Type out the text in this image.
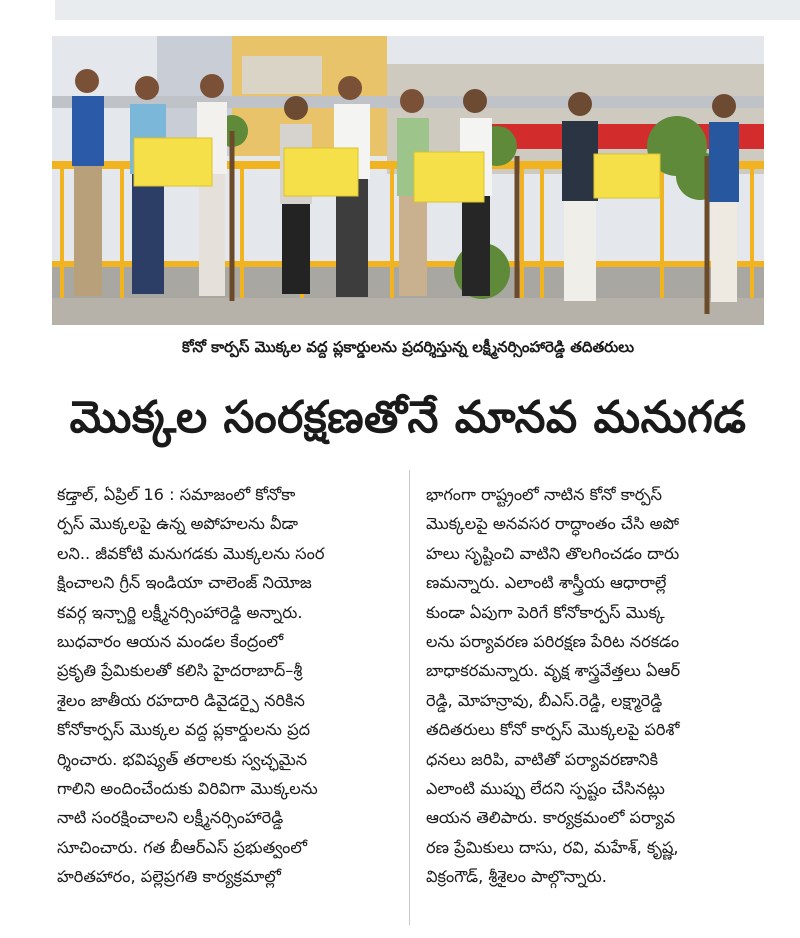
కోనో కార్పస్ మొక్కల వద్ద ప్లకార్డులను ప్రదర్శిస్తున్న లక్ష్మీనర్సింహారెడ్డి తదితరులు
మొక్కల సంరక్షణతోనే మానవ మనుగడ
కడ్తాల్, ఏప్రిల్ 16 : సమాజంలో కోనోకా
ర్పస్ మొక్కలపై ఉన్న అపోహలను వీడా
లని.. జీవకోటి మనుగడకు మొక్కలను సంర
క్షించాలని గ్రీన్ ఇండియా చాలెంజ్ నియోజ
కవర్గ ఇన్చార్జి లక్ష్మీనర్సింహారెడ్డి అన్నారు.
బుధవారం ఆయన మండల కేంద్రంలో
ప్రకృతి ప్రేమికులతో కలిసి హైదరాబాద్–శ్రీ
శైలం జాతీయ రహదారి డివైడర్పై నరికిన
కోనోకార్పస్ మొక్కల వద్ద ప్లకార్డులను ప్రద
ర్శించారు. భవిష్యత్ తరాలకు స్వచ్ఛమైన
గాలిని అందించేందుకు విరివిగా మొక్కలను
నాటి సంరక్షించాలని లక్ష్మీనర్సింహారెడ్డి
సూచించారు. గత బీఆర్ఎస్ ప్రభుత్వంలో
హరితహారం, పల్లెప్రగతి కార్యక్రమాల్లో
భాగంగా రాష్ట్రంలో నాటిన కోనో కార్పస్
మొక్కలపై అనవసర రాద్ధాంతం చేసి అపో
హలు సృష్టించి వాటిని తొలగించడం దారు
ణమన్నారు. ఎలాంటి శాస్త్రీయ ఆధారాల్లే
కుండా ఏపుగా పెరిగే కోనోకార్పస్ మొక్క
లను పర్యావరణ పరిరక్షణ పేరిట నరకడం
బాధాకరమన్నారు. వృక్ష శాస్త్రవేత్తలు ఏఆర్
రెడ్డి, మోహన్రావు, బీఎస్.రెడ్డి, లక్ష్మారెడ్డి
తదితరులు కోనో కార్పస్ మొక్కలపై పరిశో
ధనలు జరిపి, వాటితో పర్యావరణానికి
ఎలాంటి ముప్పు లేదని స్పష్టం చేసినట్లు
ఆయన తెలిపారు. కార్యక్రమంలో పర్యావ
రణ ప్రేమికులు దాసు, రవి, మహేశ్, కృష్ణ,
విక్రంగౌడ్, శ్రీశైలం పాల్గొన్నారు.
